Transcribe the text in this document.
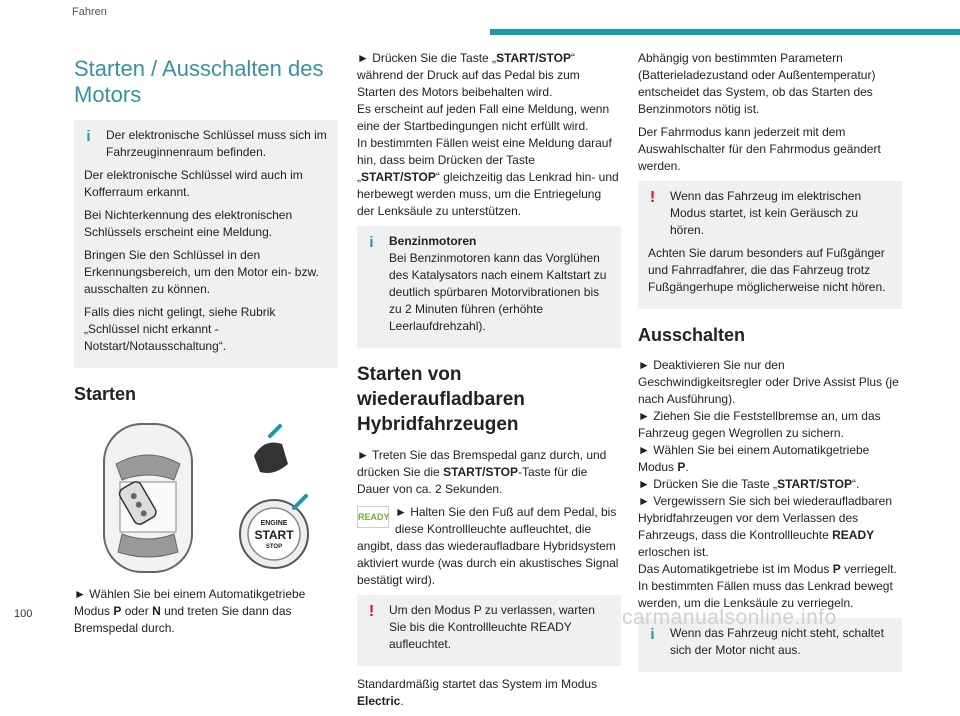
Fahren
Starten / Ausschalten des Motors
i	Der elektronische Schlüssel muss sich im Fahrzeuginnenraum befinden.

Der elektronische Schlüssel wird auch im Kofferraum erkannt.

Bei Nichterkennung des elektronischen Schlüssels erscheint eine Meldung.

Bringen Sie den Schlüssel in den Erkennungsbereich, um den Motor ein- bzw. ausschalten zu können.

Falls dies nicht gelingt, siehe Rubrik „Schlüssel nicht erkannt - Notstart/Notausschaltung“.

Starten
ENGINE
START
STOP

► Wählen Sie bei einem Automatikgetriebe Modus P oder N und treten Sie dann das Bremspedal durch.

► Drücken Sie die Taste „START/STOP“ während der Druck auf das Pedal bis zum Starten des Motors beibehalten wird.
Es erscheint auf jeden Fall eine Meldung, wenn eine der Startbedingungen nicht erfüllt wird.
In bestimmten Fällen weist eine Meldung darauf hin, dass beim Drücken der Taste „START/STOP“ gleichzeitig das Lenkrad hin- und herbewegt werden muss, um die Entriegelung der Lenksäule zu unterstützen.

i	Benzinmotoren
Bei Benzinmotoren kann das Vorglühen des Katalysators nach einem Kaltstart zu deutlich spürbaren Motorvibrationen bis zu 2 Minuten führen (erhöhte Leerlaufdrehzahl).

Starten von wiederaufladbaren Hybridfahrzeugen

► Treten Sie das Bremspedal ganz durch, und drücken Sie die START/STOP-Taste für die Dauer von ca. 2 Sekunden.

READY ► Halten Sie den Fuß auf dem Pedal, bis diese Kontrollleuchte aufleuchtet, die angibt, dass das wiederaufladbare Hybridsystem aktiviert wurde (was durch ein akustisches Signal bestätigt wird).

!	Um den Modus P zu verlassen, warten Sie bis die Kontrollleuchte READY aufleuchtet.

Standardmäßig startet das System im Modus Electric.

Abhängig von bestimmten Parametern (Batterieladezustand oder Außentemperatur) entscheidet das System, ob das Starten des Benzinmotors nötig ist.

Der Fahrmodus kann jederzeit mit dem Auswahlschalter für den Fahrmodus geändert werden.

!	Wenn das Fahrzeug im elektrischen Modus startet, ist kein Geräusch zu hören.

Achten Sie darum besonders auf Fußgänger und Fahrradfahrer, die das Fahrzeug trotz Fußgängerhupe möglicherweise nicht hören.

Ausschalten

► Deaktivieren Sie nur den Geschwindigkeitsregler oder Drive Assist Plus (je nach Ausführung).
► Ziehen Sie die Feststellbremse an, um das Fahrzeug gegen Wegrollen zu sichern.
► Wählen Sie bei einem Automatikgetriebe Modus P.
► Drücken Sie die Taste „START/STOP“.
► Vergewissern Sie sich bei wiederaufladbaren Hybridfahrzeugen vor dem Verlassen des Fahrzeugs, dass die Kontrollleuchte READY erloschen ist.
Das Automatikgetriebe ist im Modus P verriegelt.
In bestimmten Fällen muss das Lenkrad bewegt werden, um die Lenksäule zu verriegeln.

i	Wenn das Fahrzeug nicht steht, schaltet sich der Motor nicht aus.

100	carmanualsonline.info
